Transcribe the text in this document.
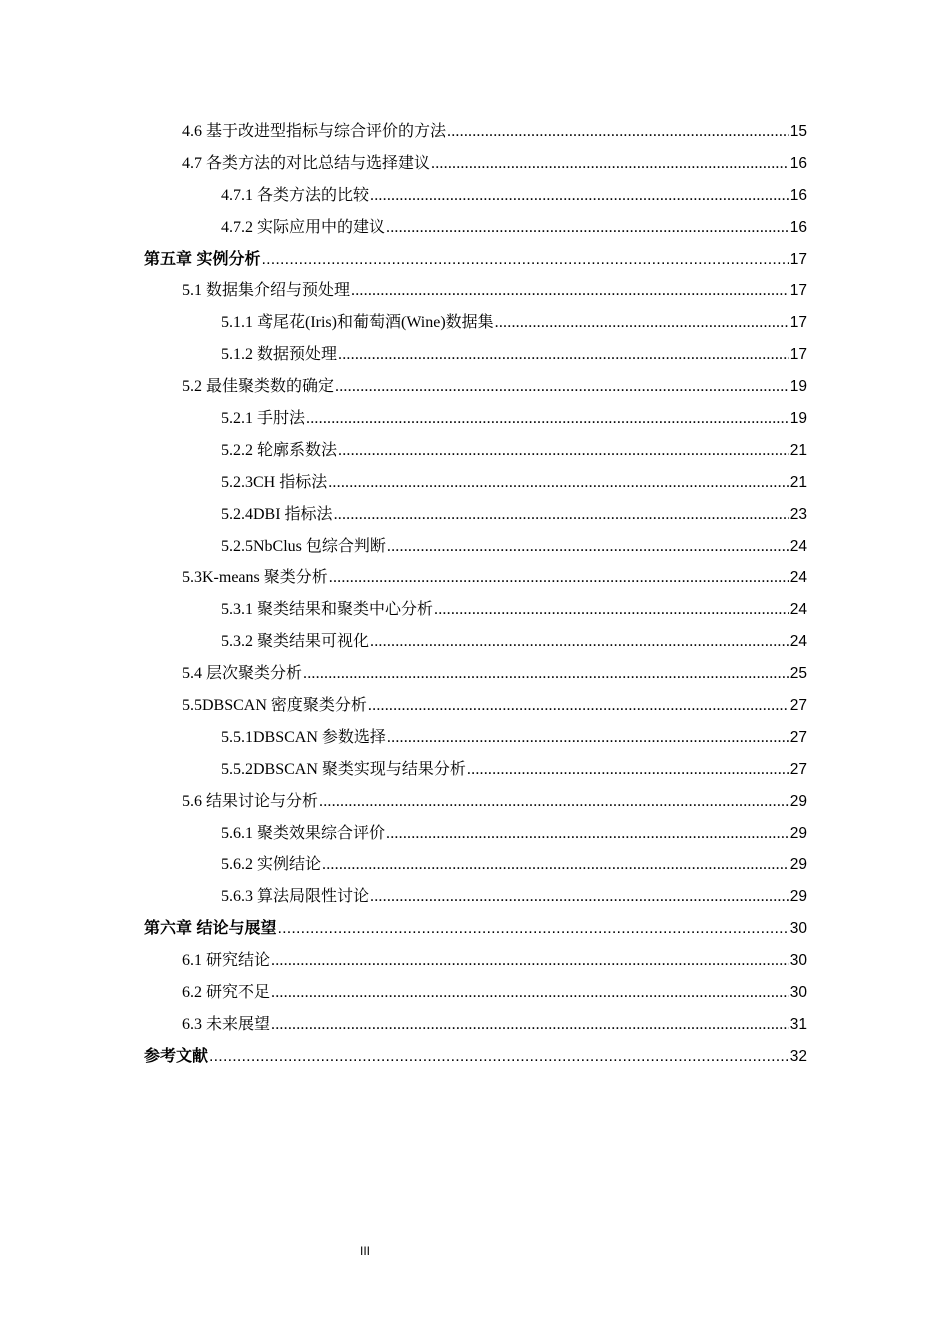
4.6 基于改进型指标与综合评价的方法 .....	15
4.7 各类方法的对比总结与选择建议 .....	16
4.7.1 各类方法的比较 .....	16
4.7.2 实际应用中的建议 .....	16
第五章 实例分析 .....	17
5.1 数据集介绍与预处理 .....	17
5.1.1 鸢尾花(Iris)和葡萄酒(Wine)数据集 .....	17
5.1.2 数据预处理 .....	17
5.2 最佳聚类数的确定 .....	19
5.2.1 手肘法 .....	19
5.2.2 轮廓系数法 .....	21
5.2.3CH 指标法 .....	21
5.2.4DBI 指标法 .....	23
5.2.5NbClus 包综合判断 .....	24
5.3K-means 聚类分析 .....	24
5.3.1 聚类结果和聚类中心分析 .....	24
5.3.2 聚类结果可视化 .....	24
5.4 层次聚类分析 .....	25
5.5DBSCAN 密度聚类分析 .....	27
5.5.1DBSCAN 参数选择 .....	27
5.5.2DBSCAN 聚类实现与结果分析 .....	27
5.6 结果讨论与分析 .....	29
5.6.1 聚类效果综合评价 .....	29
5.6.2 实例结论 .....	29
5.6.3 算法局限性讨论 .....	29
第六章 结论与展望 .....	30
6.1 研究结论 .....	30
6.2 研究不足 .....	30
6.3 未来展望 .....	31
参考文献 .....	32
III
